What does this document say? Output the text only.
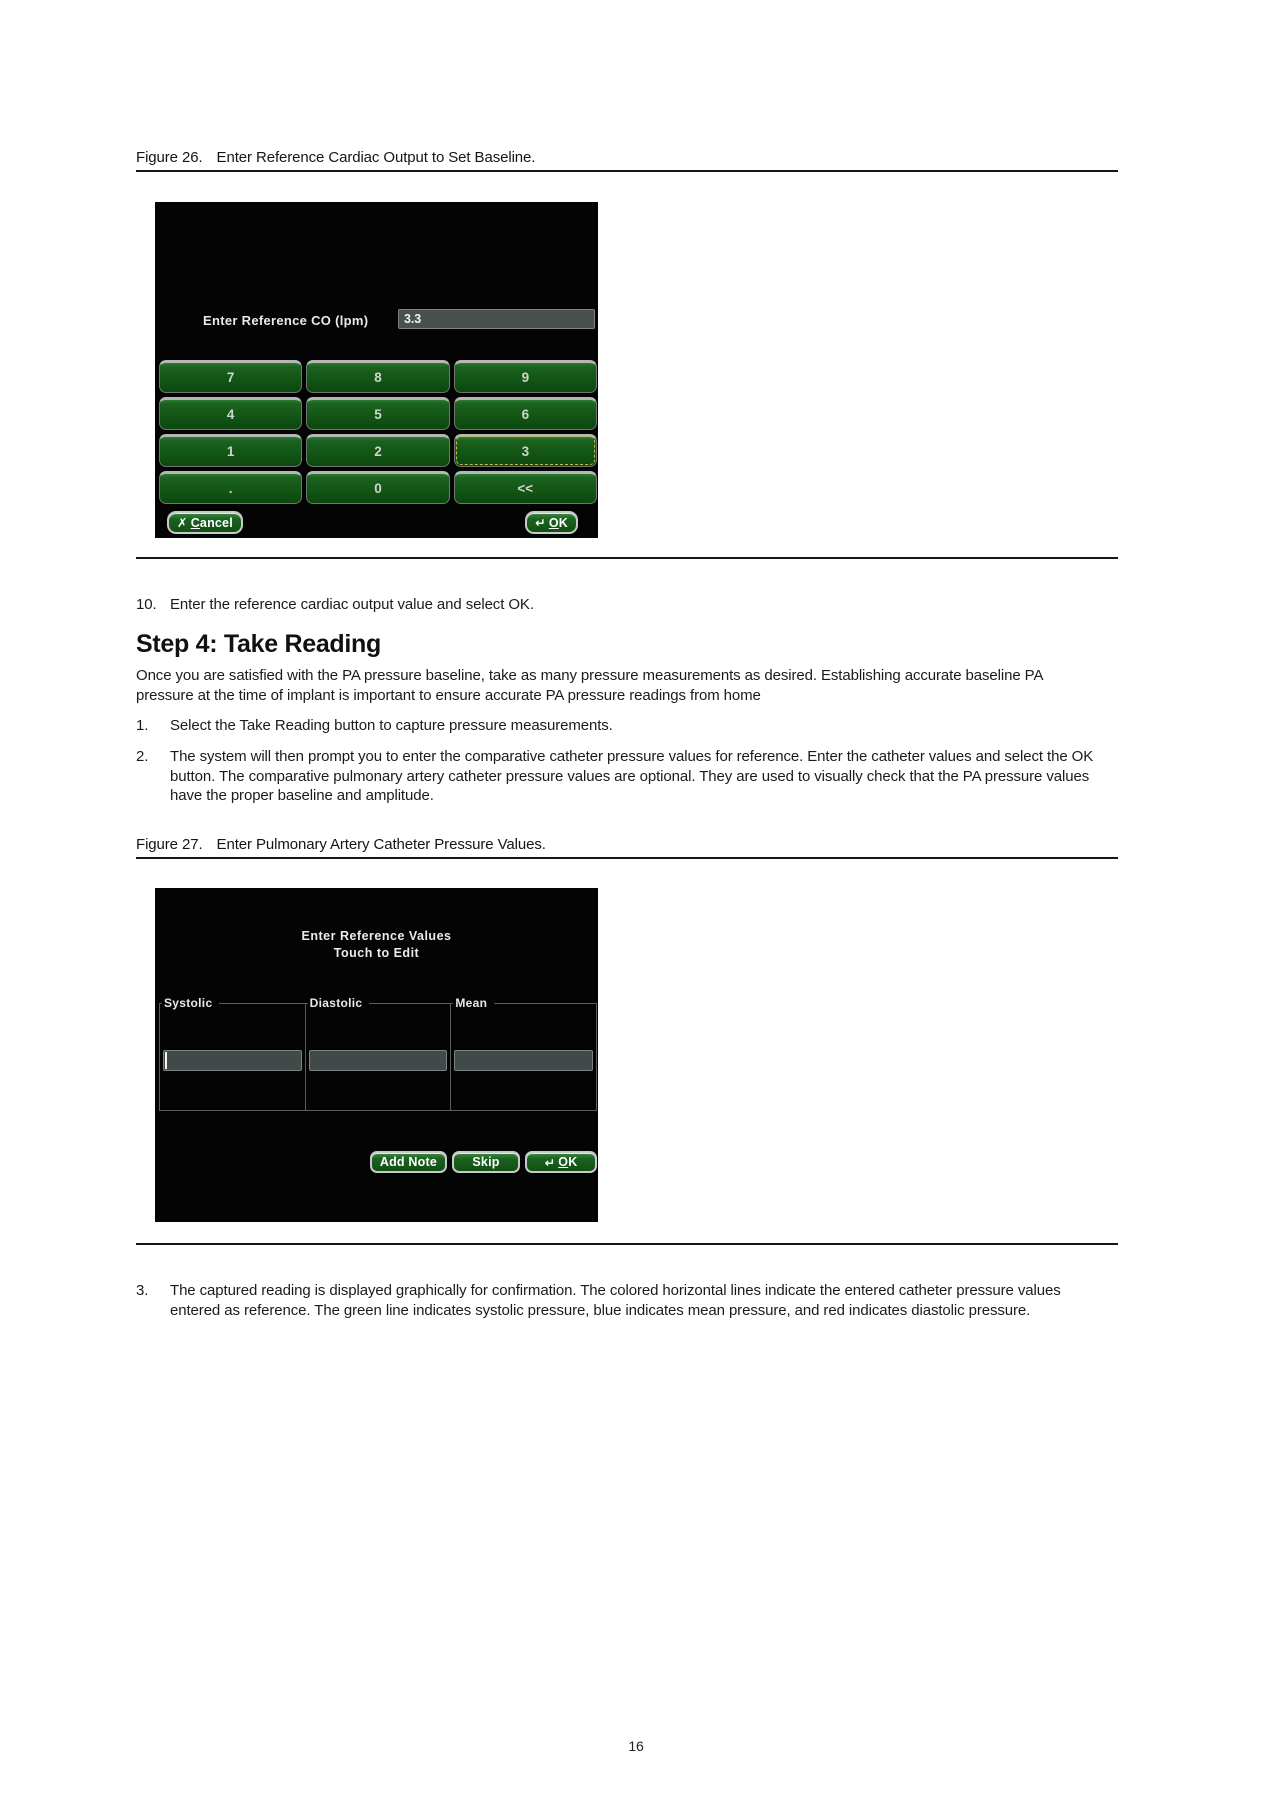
Figure 26. Enter Reference Cardiac Output to Set Baseline.
Enter Reference CO (lpm)	3.3
7	8	9
4	5	6
1	2	3
.	0	<<
✗ Cancel	↵ OK
10. Enter the reference cardiac output value and select OK.
Step 4: Take Reading
Once you are satisfied with the PA pressure baseline, take as many pressure measurements as desired. Establishing accurate baseline PA pressure at the time of implant is important to ensure accurate PA pressure readings from home
1.	Select the Take Reading button to capture pressure measurements.
2.	The system will then prompt you to enter the comparative catheter pressure values for reference. Enter the catheter values and select the OK button. The comparative pulmonary artery catheter pressure values are optional. They are used to visually check that the PA pressure values have the proper baseline and amplitude.
Figure 27. Enter Pulmonary Artery Catheter Pressure Values.
Enter Reference Values
Touch to Edit
Systolic	Diastolic	Mean
Add Note	Skip	↵ OK
3.	The captured reading is displayed graphically for confirmation. The colored horizontal lines indicate the entered catheter pressure values entered as reference. The green line indicates systolic pressure, blue indicates mean pressure, and red indicates diastolic pressure.
16
